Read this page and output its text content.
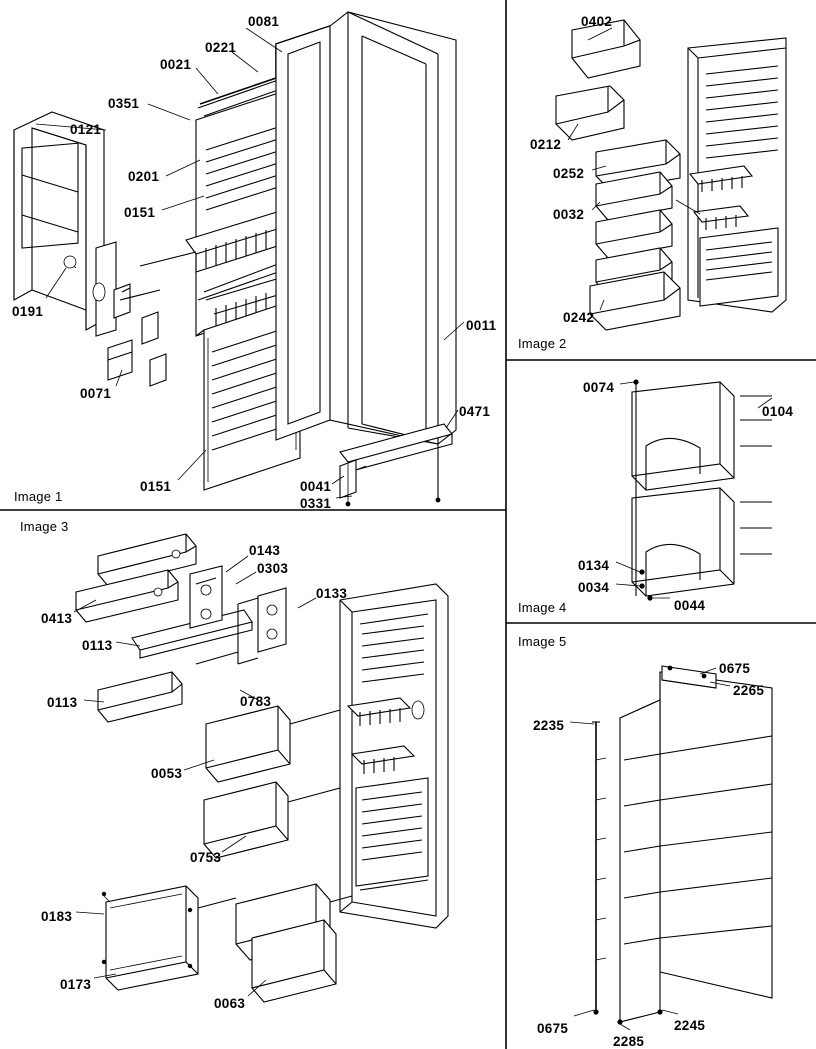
Image 1
Image 2
Image 3
Image 4
Image 5
0081
0221
0021
0351
0121
0201
0151
0191
0071
0011
0471
0151	0041
0331
0402
0212
0252
0032
0242
0143
0303
0133
0413
0113
0113	0783
0053
0753
0183
0173
0063
0074
0104
0134
0034
0044
0675
2265
2235
0675
2285
2245
